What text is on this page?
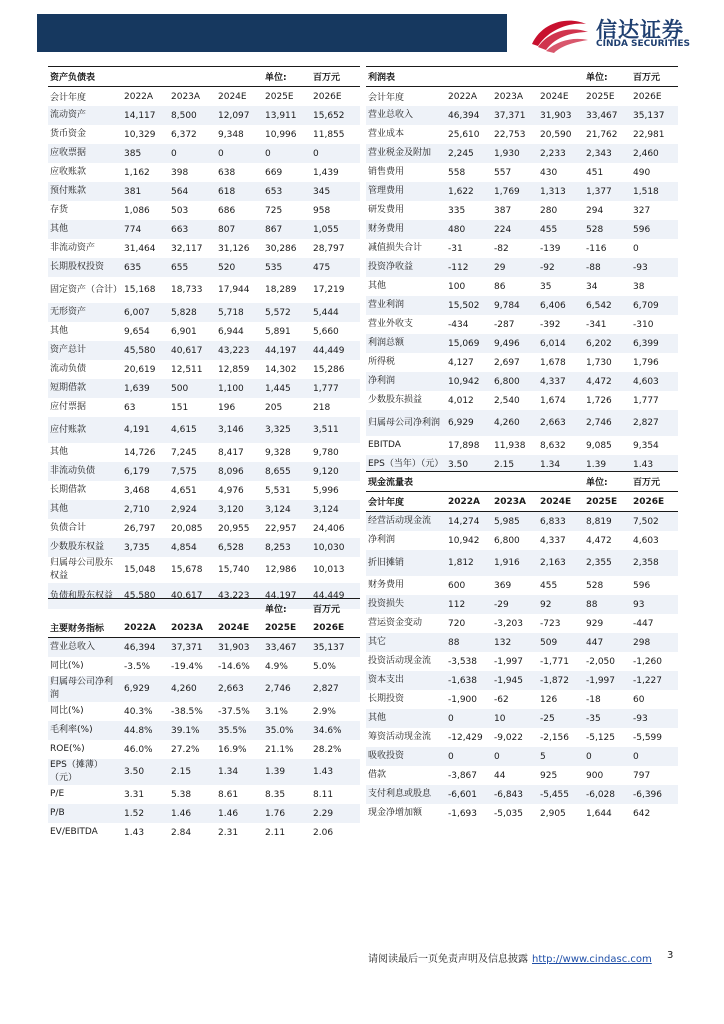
信达证券
CINDA SECURITIES
资产负债表				单位:	百万元
会计年度	2022A	2023A	2024E	2025E	2026E
流动资产	14,117	8,500	12,097	13,911	15,652
货币资金	10,329	6,372	9,348	10,996	11,855
应收票据	385	0	0	0	0
应收账款	1,162	398	638	669	1,439
预付账款	381	564	618	653	345
存货	1,086	503	686	725	958
其他	774	663	807	867	1,055
非流动资产	31,464	32,117	31,126	30,286	28,797
长期股权投资	635	655	520	535	475
固定资产（合计）	15,168	18,733	17,944	18,289	17,219
无形资产	6,007	5,828	5,718	5,572	5,444
其他	9,654	6,901	6,944	5,891	5,660
资产总计	45,580	40,617	43,223	44,197	44,449
流动负债	20,619	12,511	12,859	14,302	15,286
短期借款	1,639	500	1,100	1,445	1,777
应付票据	63	151	196	205	218
应付账款	4,191	4,615	3,146	3,325	3,511
其他	14,726	7,245	8,417	9,328	9,780
非流动负债	6,179	7,575	8,096	8,655	9,120
长期借款	3,468	4,651	4,976	5,531	5,996
其他	2,710	2,924	3,120	3,124	3,124
负债合计	26,797	20,085	20,955	22,957	24,406
少数股东权益	3,735	4,854	6,528	8,253	10,030
归属母公司股东权益	15,048	15,678	15,740	12,986	10,013
负债和股东权益	45,580	40,617	43,223	44,197	44,449
				单位:	百万元
主要财务指标	2022A	2023A	2024E	2025E	2026E
营业总收入	46,394	37,371	31,903	33,467	35,137
同比(%)	-3.5%	-19.4%	-14.6%	4.9%	5.0%
归属母公司净利润	6,929	4,260	2,663	2,746	2,827
同比(%)	40.3%	-38.5%	-37.5%	3.1%	2.9%
毛利率(%)	44.8%	39.1%	35.5%	35.0%	34.6%
ROE(%)	46.0%	27.2%	16.9%	21.1%	28.2%
EPS（摊薄）（元）	3.50	2.15	1.34	1.39	1.43
P/E	3.31	5.38	8.61	8.35	8.11
P/B	1.52	1.46	1.46	1.76	2.29
EV/EBITDA	1.43	2.84	2.31	2.11	2.06
利润表				单位:	百万元
会计年度	2022A	2023A	2024E	2025E	2026E
营业总收入	46,394	37,371	31,903	33,467	35,137
营业成本	25,610	22,753	20,590	21,762	22,981
营业税金及附加	2,245	1,930	2,233	2,343	2,460
销售费用	558	557	430	451	490
管理费用	1,622	1,769	1,313	1,377	1,518
研发费用	335	387	280	294	327
财务费用	480	224	455	528	596
减值损失合计	-31	-82	-139	-116	0
投资净收益	-112	29	-92	-88	-93
其他	100	86	35	34	38
营业利润	15,502	9,784	6,406	6,542	6,709
营业外收支	-434	-287	-392	-341	-310
利润总额	15,069	9,496	6,014	6,202	6,399
所得税	4,127	2,697	1,678	1,730	1,796
净利润	10,942	6,800	4,337	4,472	4,603
少数股东损益	4,012	2,540	1,674	1,726	1,777
归属母公司净利润	6,929	4,260	2,663	2,746	2,827
EBITDA	17,898	11,938	8,632	9,085	9,354
EPS（当年）（元）	3.50	2.15	1.34	1.39	1.43
现金流量表				单位:	百万元
会计年度	2022A	2023A	2024E	2025E	2026E
经营活动现金流	14,274	5,985	6,833	8,819	7,502
净利润	10,942	6,800	4,337	4,472	4,603
折旧摊销	1,812	1,916	2,163	2,355	2,358
财务费用	600	369	455	528	596
投资损失	112	-29	92	88	93
营运资金变动	720	-3,203	-723	929	-447
其它	88	132	509	447	298
投资活动现金流	-3,538	-1,997	-1,771	-2,050	-1,260
资本支出	-1,638	-1,945	-1,872	-1,997	-1,227
长期投资	-1,900	-62	126	-18	60
其他	0	10	-25	-35	-93
筹资活动现金流	-12,429	-9,022	-2,156	-5,125	-5,599
吸收投资	0	0	5	0	0
借款	-3,867	44	925	900	797
支付利息或股息	-6,601	-6,843	-5,455	-6,028	-6,396
现金净增加额	-1,693	-5,035	2,905	1,644	642
请阅读最后一页免责声明及信息披露 http://www.cindasc.com 3
